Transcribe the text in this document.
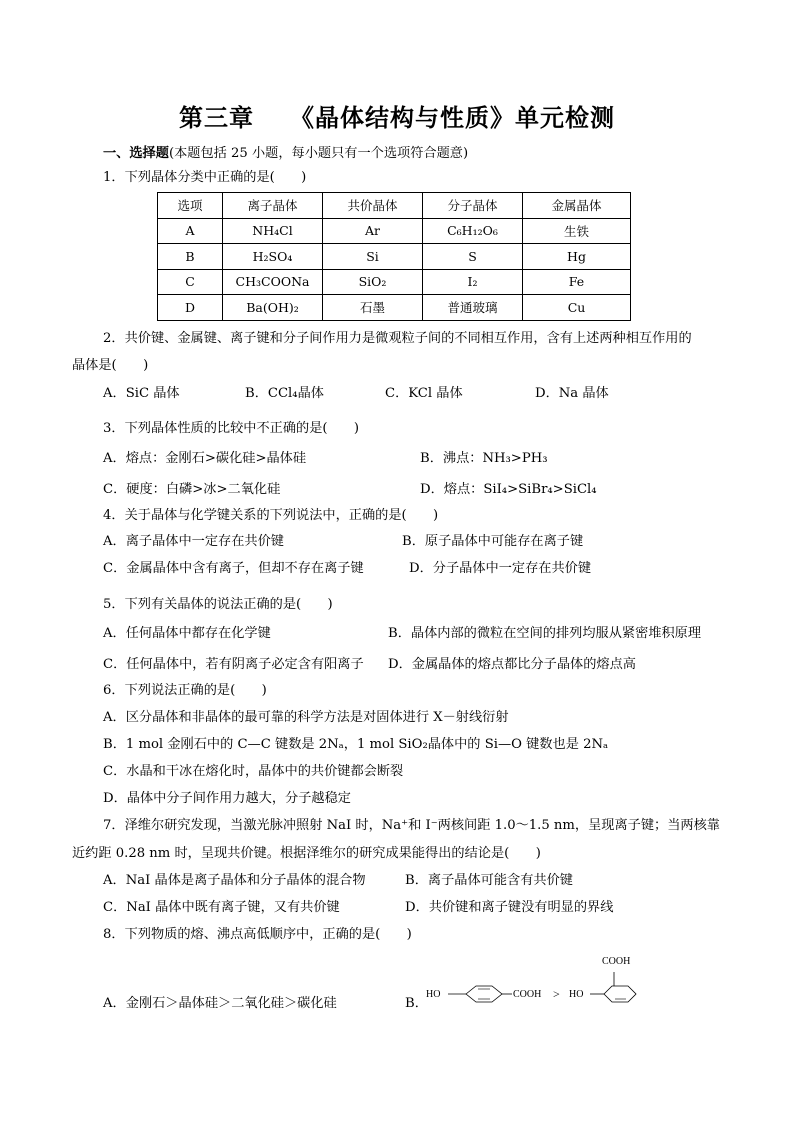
第三章 《晶体结构与性质》单元检测
一、选择题(本题包括 25 小题，每小题只有一个选项符合题意)
1．下列晶体分类中正确的是(　　)
选项	离子晶体	共价晶体	分子晶体	金属晶体
A	NH₄Cl	Ar	C₆H₁₂O₆	生铁
B	H₂SO₄	Si	S	Hg
C	CH₃COONa	SiO₂	I₂	Fe
D	Ba(OH)₂	石墨	普通玻璃	Cu
2．共价键、金属键、离子键和分子间作用力是微观粒子间的不同相互作用，含有上述两种相互作用的
晶体是(　　)
A．SiC 晶体	B．CCl₄晶体	C．KCl 晶体	D．Na 晶体
3．下列晶体性质的比较中不正确的是(　　)
A．熔点：金刚石>碳化硅>晶体硅	B．沸点：NH₃>PH₃
C．硬度：白磷>冰>二氧化硅	D．熔点：SiI₄>SiBr₄>SiCl₄
4．关于晶体与化学键关系的下列说法中，正确的是(　　)
A．离子晶体中一定存在共价键	B．原子晶体中可能存在离子键
C．金属晶体中含有离子，但却不存在离子键	D．分子晶体中一定存在共价键
5．下列有关晶体的说法正确的是(　　)
A．任何晶体中都存在化学键	B．晶体内部的微粒在空间的排列均服从紧密堆积原理
C．任何晶体中，若有阴离子必定含有阳离子 D．金属晶体的熔点都比分子晶体的熔点高
6．下列说法正确的是(　　)
A．区分晶体和非晶体的最可靠的科学方法是对固体进行 X－射线衍射
B．1 mol 金刚石中的 C—C 键数是 2Nₐ，1 mol SiO₂晶体中的 Si—O 键数也是 2Nₐ
C．水晶和干冰在熔化时，晶体中的共价键都会断裂
D．晶体中分子间作用力越大，分子越稳定
7．泽维尔研究发现，当激光脉冲照射 NaI 时，Na⁺和 I⁻两核间距 1.0～1.5 nm，呈现离子键；当两核靠
近约距 0.28 nm 时，呈现共价键。根据泽维尔的研究成果能得出的结论是(　　)
A．NaI 晶体是离子晶体和分子晶体的混合物	B．离子晶体可能含有共价键
C．NaI 晶体中既有离子键，又有共价键	D．共价键和离子键没有明显的界线
8．下列物质的熔、沸点高低顺序中，正确的是(　　)
A．金刚石＞晶体硅＞二氧化硅＞碳化硅	B．
HO	COOH > HO
COOH
